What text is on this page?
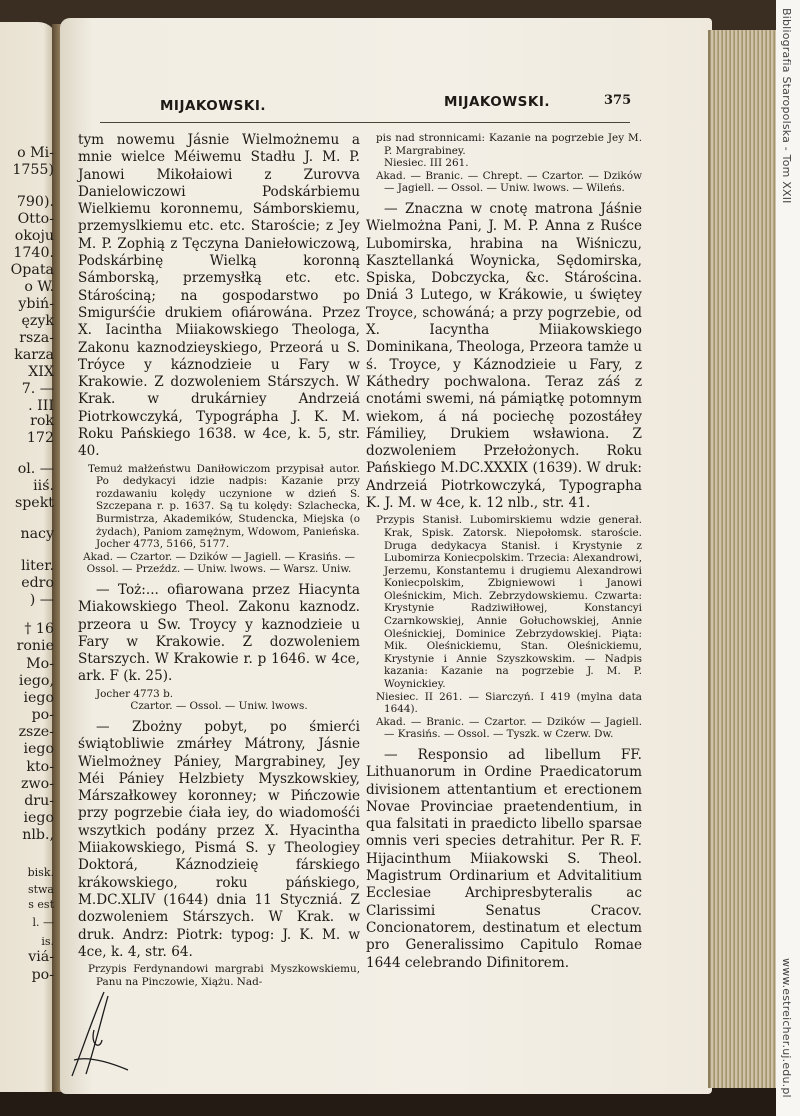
Bibliografia Staropolska - Tom XXII
www.estreicher.uj.edu.pl
o Mi-
1755)
790).
Otto-
okoju
1740.
Opata
o W.
ybiń-
ęzyk
rsza-
karza
XIX
7. —
. III
rok
172
ol. —
iiś.
spekt
nacy
liter.
edro
) —
† 16
ronie
Mo-
iego,
iego
po-
zsze-
iego
kto-
zwo-
dru-
iego
nlb.,
bisk.
stwa
s est
l. —
is.
viá-
po-
MIJAKOWSKI.	MIJAKOWSKI.	375

tym nowemu Jásnie Wielmożnemu a mnie wielce Méiwemu Stadłu J. M. P. Janowi Mikołaiowi z Zurovva Danielowiczowi Podskárbiemu Wielkiemu koronnemu, Sámborskiemu, przemyslkiemu etc. etc. Staroście; z Jey M. P. Zophią z Tęczyna Daniełowiczową, Podskárbinę Wielką koronną Sámborską, przemysłką etc. etc. Stárościną; na gospodarstwo po Smigurśćie drukiem ofiárowána. Przez X. Iacintha Miiakowskiego Theologa, Zakonu kaznodzieyskiego, Przeorá u S. Tróyce y káznodzieie u Fary w Krakowie. Z dozwoleniem Stárszych. W Krak. w drukárniey Andrzeiá Piotrkowczyká, Typográpha J. K. M. Roku Pańskiego 1638. w 4ce, k. 5, str. 40.

Temuż małżeństwu Daniłowiczom przypisał autor. Po dedykacyi idzie nadpis: Kazanie przy rozdawaniu kolędy uczynione w dzień S. Szczepana r. p. 1637. Są tu kolędy: Szlachecka, Burmistrza, Akademików, Studencka, Miejska (o żydach), Paniom zamężnym, Wdowom, Panieńska.

Jocher 4773, 5166, 5177.

Akad. — Czartor. — Dzików — Jagiell. — Krasińs. — Ossol. — Przeźdz. — Uniw. lwows. — Warsz. Uniw.

— Toż:... ofiarowana przez Hiacynta Miakowskiego Theol. Zakonu kaznodz. przeora u Sw. Troycy y kaznodzieie u Fary w Krakowie. Z dozwoleniem Starszych. W Krakowie r. p 1646. w 4ce, ark. F (k. 25).

Jocher 4773 b.

Czartor. — Ossol. — Uniw. lwows.

— Zbożny pobyt, po śmierći świątobliwie zmárłey Mátrony, Jásnie Wielmożney Pániey, Margrabiney, Jey Méi Pániey Helzbiety Myszkowskiey, Márszałkowey koronney; w Pińczowie przy pogrzebie ćiała iey, do wiadomośći wszytkich podány przez X. Hyacintha Miiakowskiego, Pismá S. y Theologiey Doktorá, Káznodzieię fárskiego krákowskiego, roku páńskiego, M.DC.XLIV (1644) dnia 11 Styczniá. Z dozwoleniem Stárszych. W Krak. w druk. Andrz: Piotrk: typog: J. K. M. w 4ce, k. 4, str. 64.

Przypis Ferdynandowi margrabi Myszkowskiemu, Panu na Pinczowie, Xiążu. Nad-

pis nad stronnicami: Kazanie na pogrzebie Jey M. P. Margrabiney.

Niesiec. III 261.

Akad. — Branic. — Chrept. — Czartor. — Dzików — Jagiell. — Ossol. — Uniw. lwows. — Wileńs.

— Znaczna w cnotę matrona Jáśnie Wielmożna Pani, J. M. P. Anna z Ruśce Lubomirska, hrabina na Wiśniczu, Kasztellanká Woynicka, Sędomirska, Spiska, Dobczycka, &c. Stárościna. Dniá 3 Lutego, w Krákowie, u świętey Troyce, schowáná; a przy pogrzebie, od X. Iacyntha Miiakowskiego Dominikana, Theologa, Przeora tamże u ś. Troyce, y Káznodzieie u Fary, z Káthedry pochwalona. Teraz záś z cnotámi swemi, ná pámiątkę potomnym wiekom, á ná pociechę pozostáłey Fámiliey, Drukiem wsławiona. Z dozwoleniem Przełożonych. Roku Pańskiego M.DC.XXXIX (1639). W druk: Andrzeiá Piotrkowczyká, Typographa K. J. M. w 4ce, k. 12 nlb., str. 41.

Przypis Stanisł. Lubomirskiemu wdzie generał. Krak, Spisk. Zatorsk. Niepołomsk. staroście. Druga dedykacya Stanisł. i Krystynie z Lubomirza Koniecpolskim. Trzecia: Alexandrowi, Jerzemu, Konstantemu i drugiemu Alexandrowi Koniecpolskim, Zbigniewowi i Janowi Oleśnickim, Mich. Zebrzydowskiemu. Czwarta: Krystynie Radziwiłłowej, Konstancyi Czarnkowskiej, Annie Gołuchowskiej, Annie Oleśnickiej, Dominice Zebrzydowskiej. Piąta: Mik. Oleśnickiemu, Stan. Oleśnickiemu, Krystynie i Annie Szyszkowskim. — Nadpis kazania: Kazanie na pogrzebie J. M. P. Woynickiey.

Niesiec. II 261. — Siarczyń. I 419 (mylna data 1644).

Akad. — Branic. — Czartor. — Dzików — Jagiell. — Krasińs. — Ossol. — Tyszk. w Czerw. Dw.

— Responsio ad libellum FF. Lithuanorum in Ordine Praedicatorum divisionem attentantium et erectionem Novae Provinciae praetendentium, in qua falsitati in praedicto libello sparsae omnis veri species detrahitur. Per R. F. Hijacinthum Miiakowski S. Theol. Magistrum Ordinarium et Advitalitium Ecclesiae Archipresbyteralis ac Clarissimi Senatus Cracov. Concionatorem, destinatum et electum pro Generalissimo Capitulo Romae 1644 celebrando Difinitorem.
